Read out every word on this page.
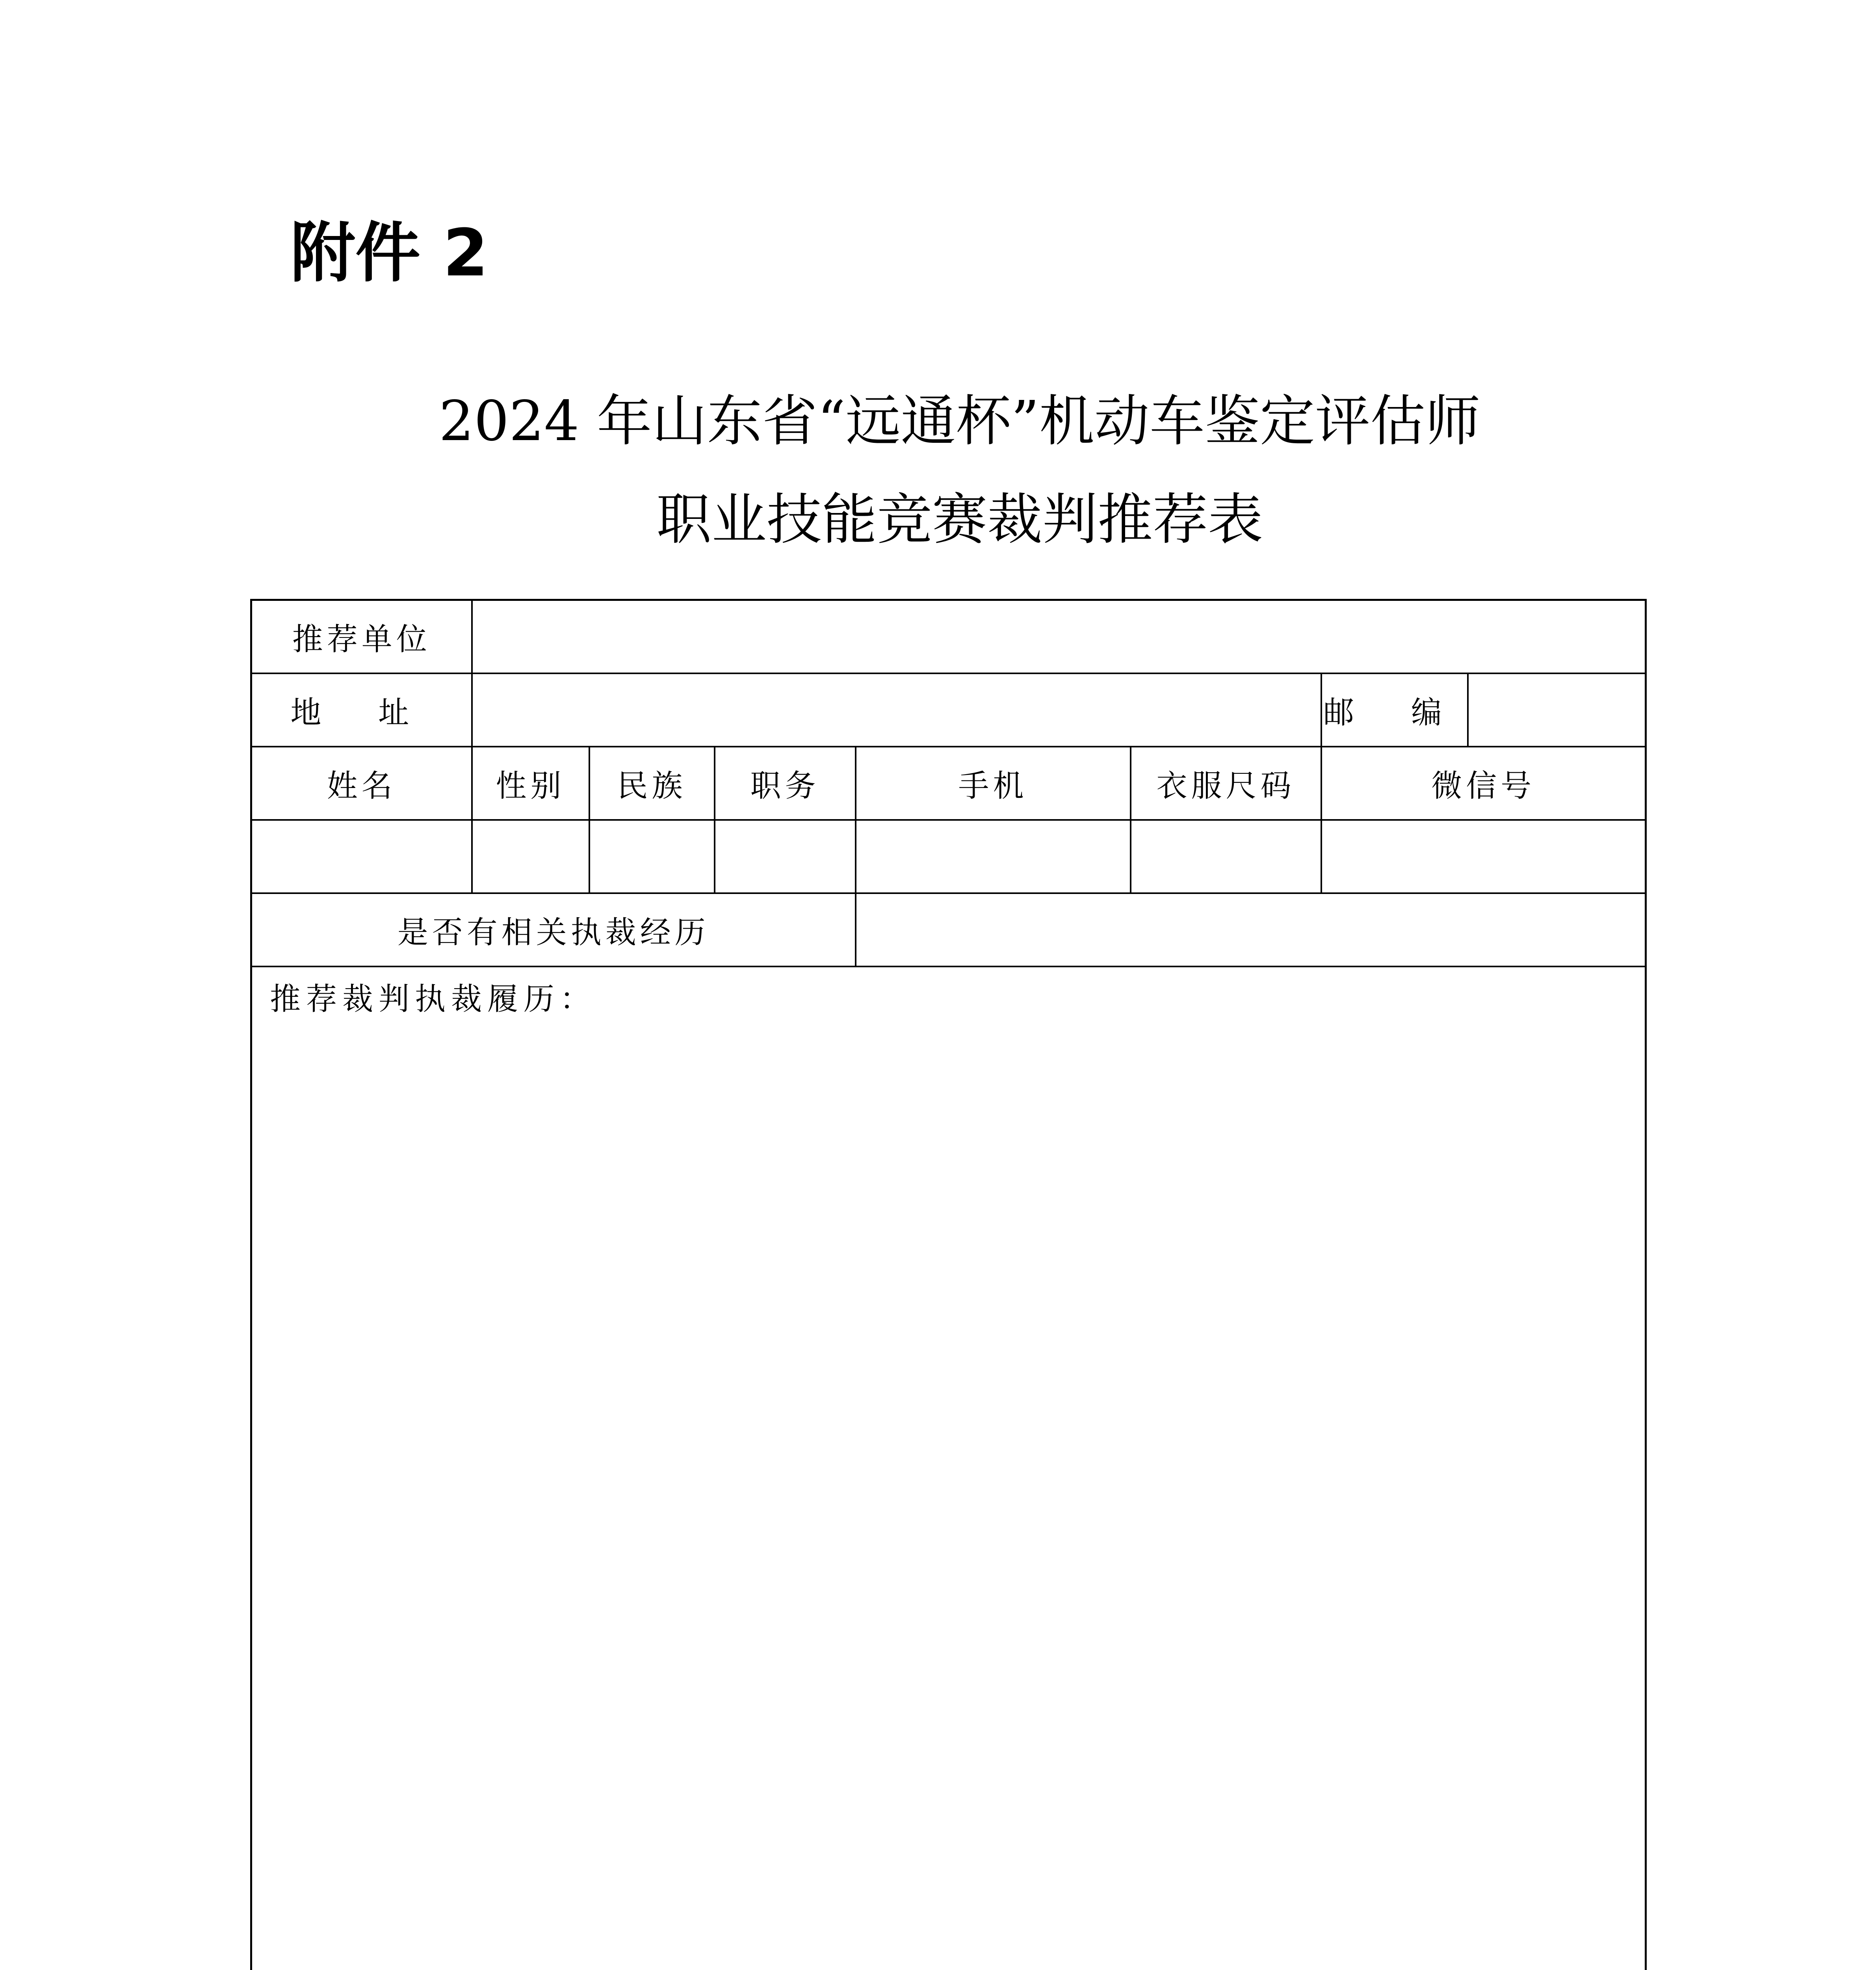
附件 2
2024 年山东省“远通杯”机动车鉴定评估师
职业技能竞赛裁判推荐表
推荐单位							
地 址						邮 编	
姓名	性别	民族	职务	手机	衣服尺码	微信号	

是否有相关执裁经历							
推荐裁判执裁履历：							
